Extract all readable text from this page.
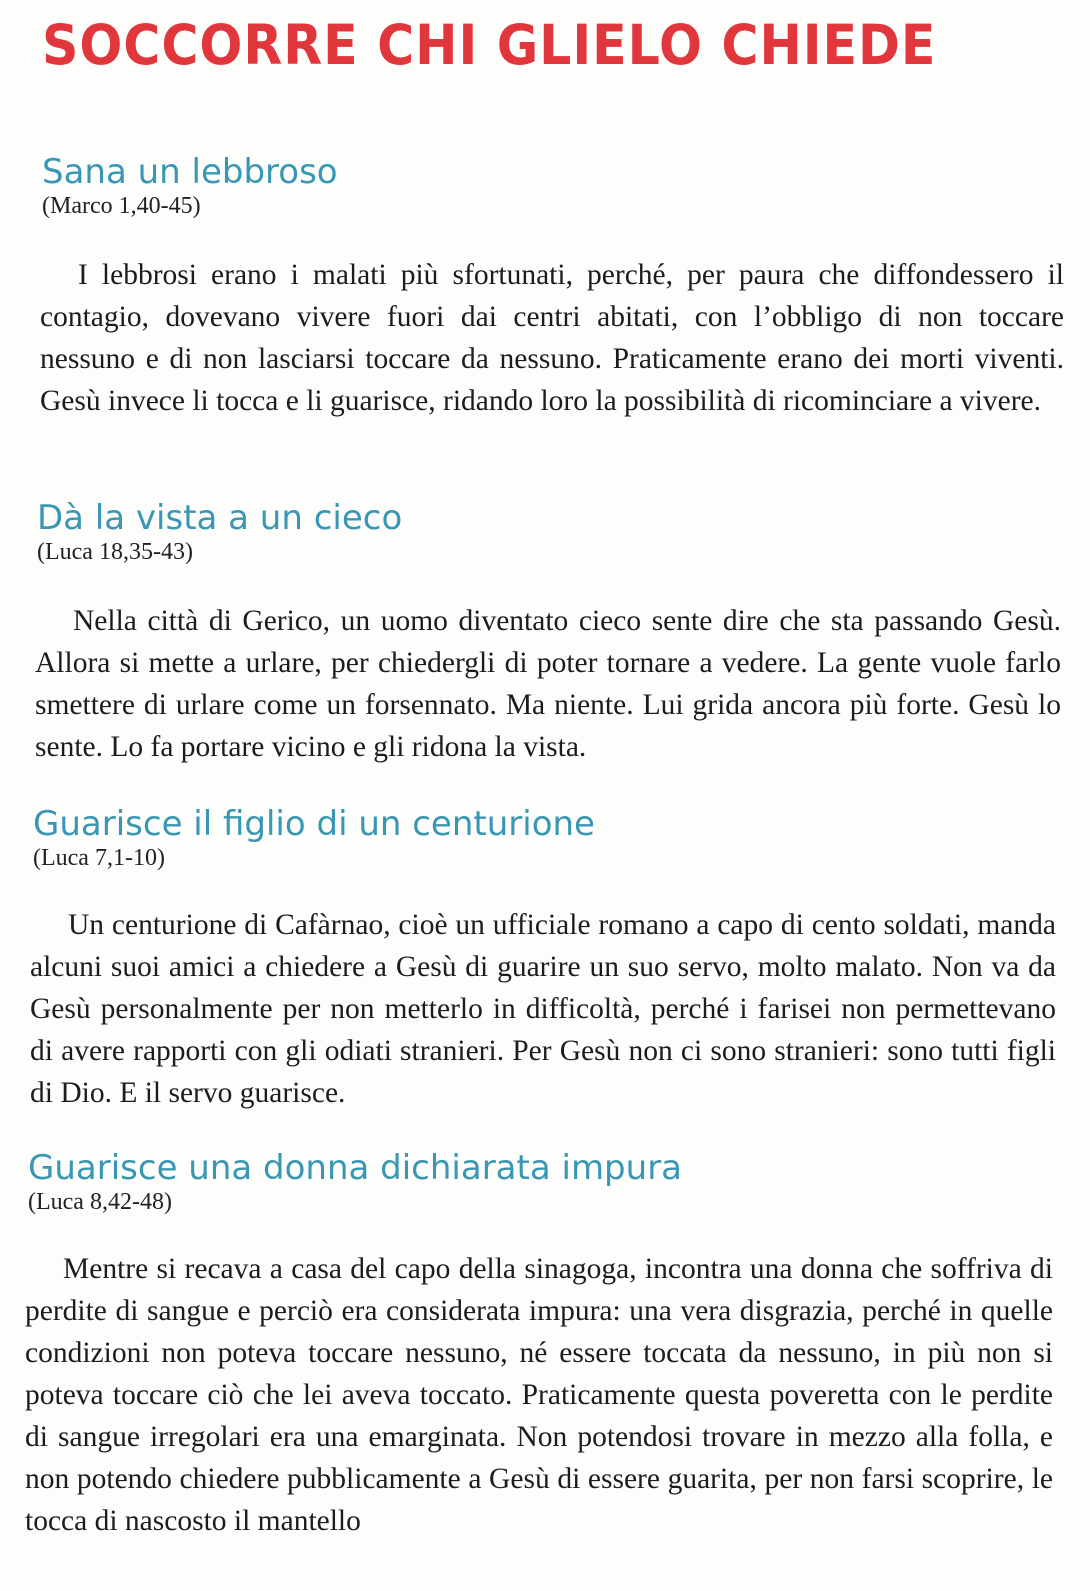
SOCCORRE CHI GLIELO CHIEDE
Sana un lebbroso

(Marco 1,40-45)

I lebbrosi erano i malati più sfortunati, perché, per paura che diffondessero il contagio, dovevano vivere fuori dai centri abitati, con l’obbligo di non toccare nessuno e di non lasciarsi toccare da nessuno. Praticamente erano dei morti viventi. Gesù invece li tocca e li guarisce, ridando loro la possibilità di ricominciare a vivere.

Dà la vista a un cieco

(Luca 18,35-43)

Nella città di Gerico, un uomo diventato cieco sente dire che sta passando Gesù. Allora si mette a urlare, per chiedergli di poter tornare a vedere. La gente vuole farlo smettere di urlare come un forsennato. Ma niente. Lui grida ancora più forte. Gesù lo sente. Lo fa portare vicino e gli ridona la vista.

Guarisce il figlio di un centurione

(Luca 7,1-10)

Un centurione di Cafàrnao, cioè un ufficiale romano a capo di cento soldati, manda alcuni suoi amici a chiedere a Gesù di guarire un suo servo, molto malato. Non va da Gesù personalmente per non metterlo in difficoltà, perché i farisei non permettevano di avere rapporti con gli odiati stranieri. Per Gesù non ci sono stranieri: sono tutti figli di Dio. E il servo guarisce.

Guarisce una donna dichiarata impura

(Luca 8,42-48)

Mentre si recava a casa del capo della sinagoga, incontra una donna che soffriva di perdite di sangue e perciò era considerata impura: una vera disgrazia, perché in quelle condizioni non poteva toccare nessuno, né essere toccata da nessuno, in più non si poteva toccare ciò che lei aveva toccato. Praticamente questa poveretta con le perdite di sangue irregolari era una emarginata. Non potendosi trovare in mezzo alla folla, e non potendo chiedere pubblicamente a Gesù di essere guarita, per non farsi scoprire, le tocca di nascosto il mantello
